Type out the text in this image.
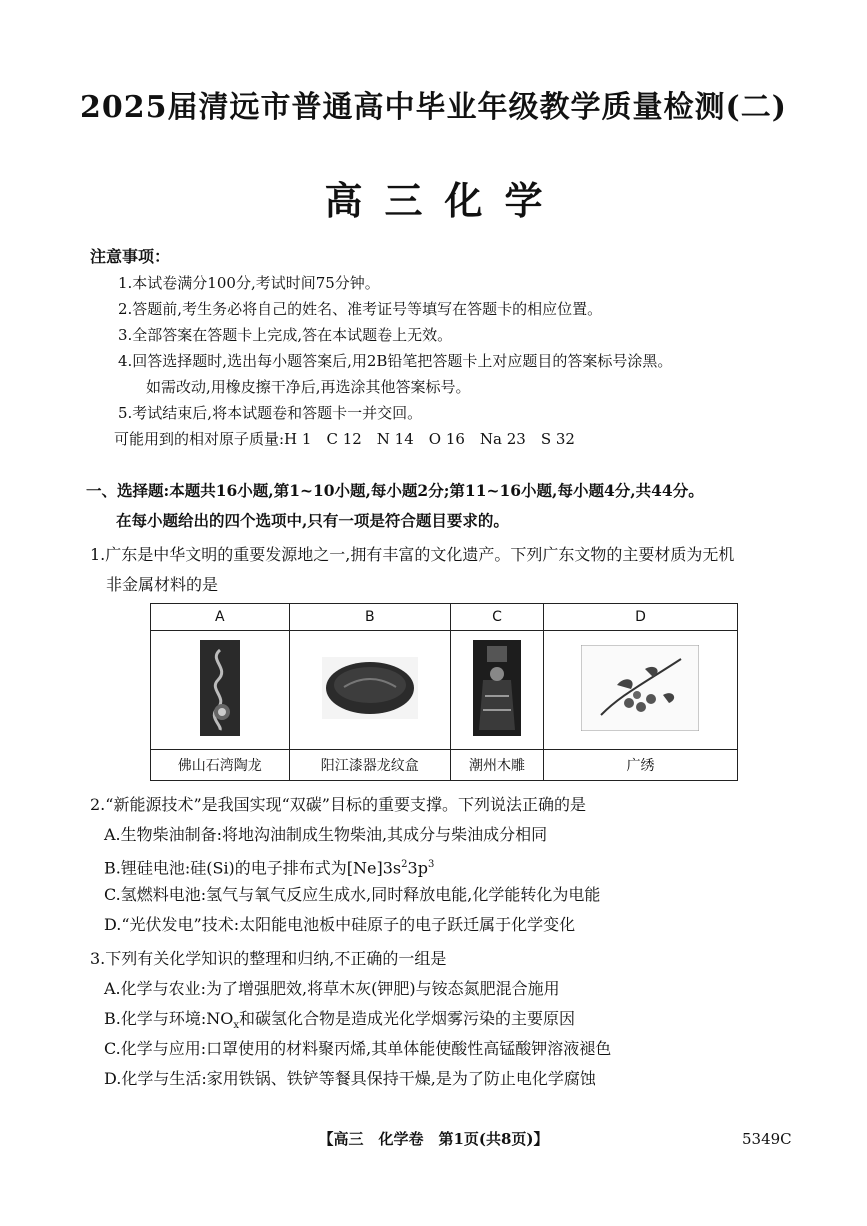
2025届清远市普通高中毕业年级教学质量检测(二)
高三化学
注意事项：
1.本试卷满分100分,考试时间75分钟。
2.答题前,考生务必将自己的姓名、准考证号等填写在答题卡的相应位置。
3.全部答案在答题卡上完成,答在本试题卷上无效。
4.回答选择题时,选出每小题答案后,用2B铅笔把答题卡上对应题目的答案标号涂黑。
如需改动,用橡皮擦干净后,再选涂其他答案标号。
5.考试结束后,将本试题卷和答题卡一并交回。
可能用到的相对原子质量:H 1　C 12　N 14　O 16　Na 23　S 32
一、选择题:本题共16小题,第1~10小题,每小题2分;第11~16小题,每小题4分,共44分。
在每小题给出的四个选项中,只有一项是符合题目要求的。
1.广东是中华文明的重要发源地之一,拥有丰富的文化遗产。下列广东文物的主要材质为无机
非金属材料的是
A	B	C	D

佛山石湾陶龙	阳江漆器龙纹盒	潮州木雕	广绣
2.“新能源技术”是我国实现“双碳”目标的重要支撑。下列说法正确的是
A.生物柴油制备:将地沟油制成生物柴油,其成分与柴油成分相同
B.锂硅电池:硅(Si)的电子排布式为$[Ne]3s^23p^3$
C.氢燃料电池:氢气与氧气反应生成水,同时释放电能,化学能转化为电能
D.“光伏发电”技术:太阳能电池板中硅原子的电子跃迁属于化学变化
3.下列有关化学知识的整理和归纳,不正确的一组是
A.化学与农业:为了增强肥效,将草木灰(钾肥)与铵态氮肥混合施用
B.化学与环境$:NO_x$和碳氢化合物是造成光化学烟雾污染的主要原因
C.化学与应用:口罩使用的材料聚丙烯,其单体能使酸性高锰酸钾溶液褪色
D.化学与生活:家用铁锅、铁铲等餐具保持干燥,是为了防止电化学腐蚀
【高三　化学卷　第1页(共8页)】	5349C
